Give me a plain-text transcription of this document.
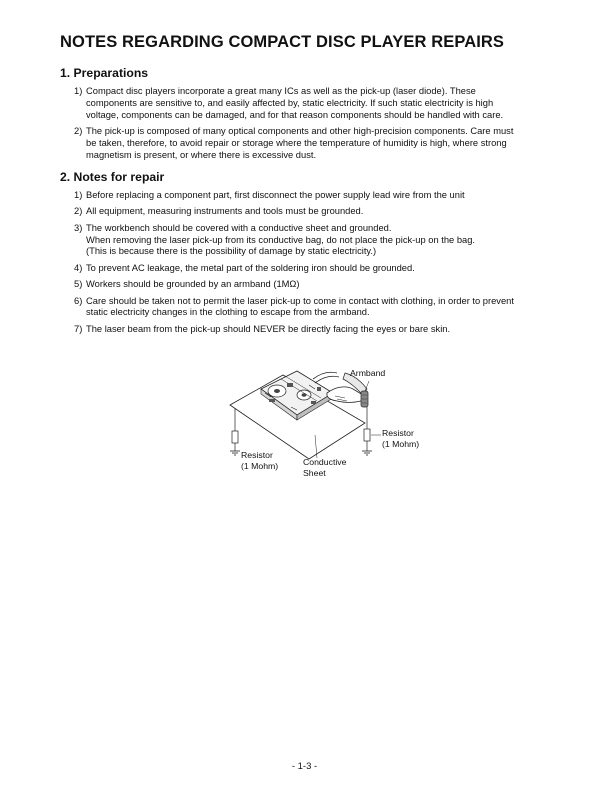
NOTES REGARDING COMPACT DISC PLAYER REPAIRS
1. Preparations
1) Compact disc players incorporate a great many ICs as well as the pick-up (laser diode). These
components are sensitive to, and easily affected by, static electricity. If such static electricity is high
voltage, components can be damaged, and for that reason components should be handled with care.
2) The pick-up is composed of many optical components and other high-precision components. Care must
be taken, therefore, to avoid repair or storage where the temperature of humidity is high, where strong
magnetism is present, or where there is excessive dust.
2. Notes for repair
1) Before replacing a component part, first disconnect the power supply lead wire from the unit
2) All equipment, measuring instruments and tools must be grounded.
3) The workbench should be covered with a conductive sheet and grounded.
When removing the laser pick-up from its conductive bag, do not place the pick-up on the bag.
(This is because there is the possibility of damage by static electricity.)
4) To prevent AC leakage, the metal part of the soldering iron should be grounded.
5) Workers should be grounded by an armband (1MΩ)
6) Care should be taken not to permit the laser pick-up to come in contact with clothing, in order to prevent
static electricity changes in the clothing to escape from the armband.
7) The laser beam from the pick-up should NEVER be directly facing the eyes or bare skin.
Armband
Resistor
(1 Mohm)
Resistor
(1 Mohm)	Conductive
Sheet
- 1-3 -
